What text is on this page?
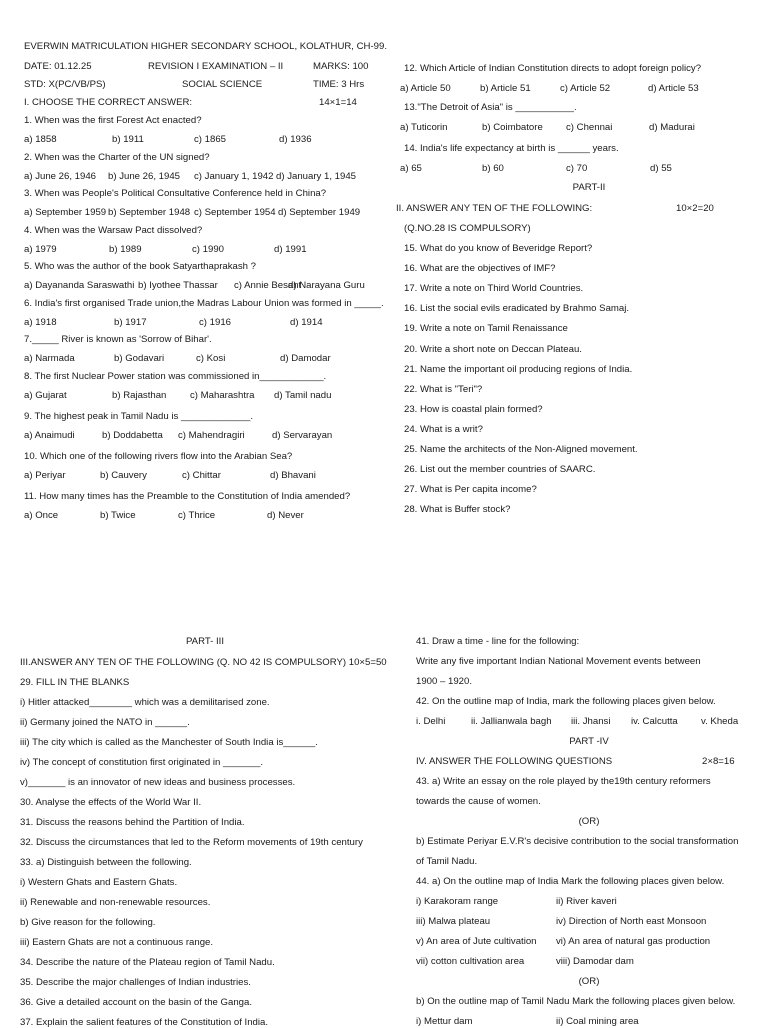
EVERWIN MATRICULATION HIGHER SECONDARY SCHOOL, KOLATHUR, CH-99.
DATE: 01.12.25	REVISION I EXAMINATION – II	MARKS: 100
STD: X(PC/VB/PS)	SOCIAL SCIENCE	TIME: 3 Hrs
I. CHOOSE THE CORRECT ANSWER:	14×1=14
1. When was the first Forest Act enacted?
a) 1858	b) 1911	c) 1865	d) 1936
2. When was the Charter of the UN signed?
a) June 26, 1946 b) June 26, 1945 c) January 1, 1942 d) January 1, 1945
3. When was People's Political Consultative Conference held in China?
a) September 1959 b) September 1948 c) September 1954 d) September 1949
4. When was the Warsaw Pact dissolved?
a) 1979	b) 1989	c) 1990	d) 1991
5. Who was the author of the book Satyarthaprakash ?
a) Dayananda Saraswathi b) Iyothee Thassar c) Annie Besant
d) Narayana Guru
6. India's first organised Trade union,the Madras Labour Union was formed in _____.
a) 1918	b) 1917	c) 1916	d) 1914
7._____ River is known as 'Sorrow of Bihar'.
a) Narmada	b) Godavari	c) Kosi	d) Damodar
8. The first Nuclear Power station was commissioned in____________.
a) Gujarat	b) Rajasthan c) Maharashtra d) Tamil nadu
9. The highest peak in Tamil Nadu is _____________.
a) Anaimudi	b) Doddabetta c) Mahendragiri	d) Servarayan
10. Which one of the following rivers flow into the Arabian Sea?
a) Periyar	b) Cauvery	c) Chittar	d) Bhavani
11. How many times has the Preamble to the Constitution of India amended?
a) Once	b) Twice	c) Thrice	d) Never
12. Which Article of Indian Constitution directs to adopt foreign policy?
a) Article 50	b) Article 51	c) Article 52	d) Article 53
13."The Detroit of Asia" is ___________.
a) Tuticorin	b) Coimbatore c) Chennai	d) Madurai
14. India's life expectancy at birth is ______ years.
a) 65	b) 60	c) 70	d) 55
PART-II
II. ANSWER ANY TEN OF THE FOLLOWING:	10×2=20
(Q.NO.28 IS COMPULSORY)
15. What do you know of Beveridge Report?
16. What are the objectives of IMF?
17. Write a note on Third World Countries.
16. List the social evils eradicated by Brahmo Samaj.
19. Write a note on Tamil Renaissance
20. Write a short note on Deccan Plateau.
21. Name the important oil producing regions of India.
22. What is "Teri"?
23. How is coastal plain formed?
24. What is a writ?
25. Name the architects of the Non-Aligned movement.
26. List out the member countries of SAARC.
27. What is Per capita income?
28. What is Buffer stock?
PART- III
III.ANSWER ANY TEN OF THE FOLLOWING (Q. NO 42 IS COMPULSORY) 10×5=50
29. FILL IN THE BLANKS
i) Hitler attacked________ which was a demilitarised zone.
ii) Germany joined the NATO in ______.
iii) The city which is called as the Manchester of South India is______.
iv) The concept of constitution first originated in _______.
v)_______ is an innovator of new ideas and business processes.
30. Analyse the effects of the World War II.
31. Discuss the reasons behind the Partition of India.
32. Discuss the circumstances that led to the Reform movements of 19th century
33. a) Distinguish between the following.
i) Western Ghats and Eastern Ghats.
ii) Renewable and non-renewable resources.
b) Give reason for the following.
iii) Eastern Ghats are not a continuous range.
34. Describe the nature of the Plateau region of Tamil Nadu.
35. Describe the major challenges of Indian industries.
36. Give a detailed account on the basin of the Ganga.
37. Explain the salient features of the Constitution of India.
41. Draw a time - line for the following:
Write any five important Indian National Movement events between
1900 – 1920.
42. On the outline map of India, mark the following places given below.
i. Delhi	ii. Jallianwala bagh iii. Jhansi iv. Calcutta v. Kheda
PART -IV
IV. ANSWER THE FOLLOWING QUESTIONS	2×8=16
43. a) Write an essay on the role played by the19th century reformers
towards the cause of women.
(OR)
b) Estimate Periyar E.V.R's decisive contribution to the social transformation
of Tamil Nadu.
44. a) On the outline map of India Mark the following places given below.
i) Karakoram range	ii) River kaveri
iii) Malwa plateau	iv) Direction of North east Monsoon
v) An area of Jute cultivation vi) An area of natural gas production
vii) cotton cultivation area	viii) Damodar dam
(OR)
b) On the outline map of Tamil Nadu Mark the following places given below.
i) Mettur dam	ii) Coal mining area
